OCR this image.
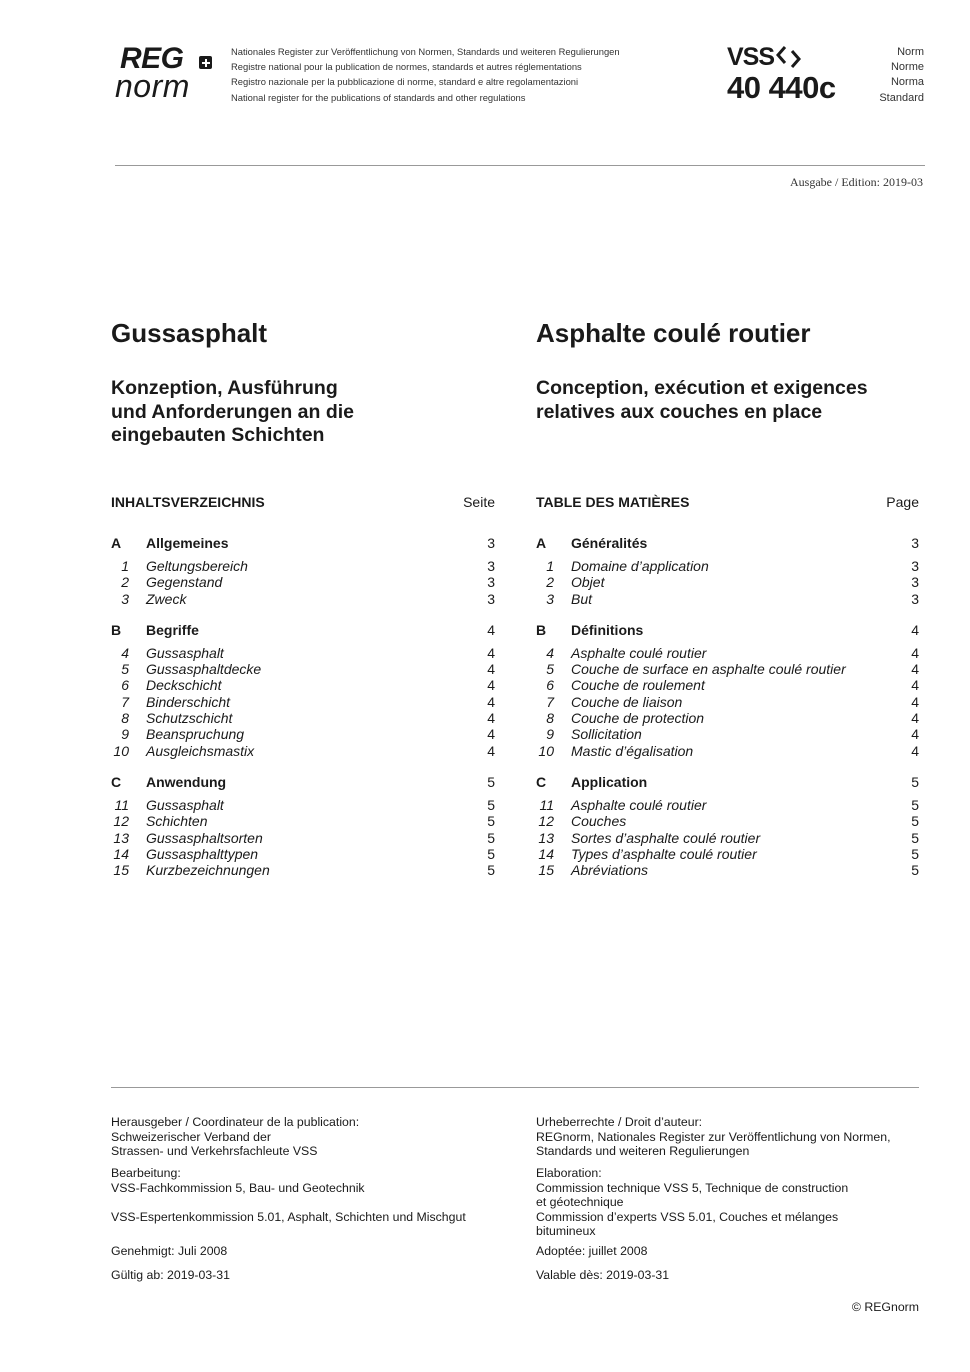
REG
norm
Nationales Register zur Veröffentlichung von Normen, Standards und weiteren Regulierungen
Registre national pour la publication de normes, standards et autres réglementations
Registro nazionale per la pubblicazione di norme, standard e altre regolamentazioni
National register for the publications of standards and other regulations
VSS
40 440c
Norm
Norme
Norma
Standard
Ausgabe / Edition: 2019-03
Gussasphalt
Konzeption, Ausführung
und Anforderungen an die
eingebauten Schichten
Asphalte coulé routier
Conception, exécution et exigences
relatives aux couches en place
INHALTSVERZEICHNIS	Seite
A	Allgemeines	3
1 Geltungsbereich	3
2 Gegenstand	3
3 Zweck	3
B	Begriffe	4
4 Gussasphalt	4
5 Gussasphaltdecke	4
6 Deckschicht	4
7 Binderschicht	4
8 Schutzschicht	4
9 Beanspruchung	4
10 Ausgleichsmastix	4
C	Anwendung	5
11 Gussasphalt	5
12 Schichten	5
13 Gussasphaltsorten	5
14 Gussasphalttypen	5
15 Kurzbezeichnungen	5
TABLE DES MATIÈRES	Page
A	Généralités	3
1 Domaine d’application	3
2 Objet	3
3 But	3
B	Définitions	4
4 Asphalte coulé routier	4
5 Couche de surface en asphalte coulé routier	4
6 Couche de roulement	4
7 Couche de liaison	4
8 Couche de protection	4
9 Sollicitation	4
10 Mastic d’égalisation	4
C	Application	5
11 Asphalte coulé routier	5
12 Couches	5
13 Sortes d’asphalte coulé routier	5
14 Types d’asphalte coulé routier	5
15 Abréviations	5
Herausgeber / Coordinateur de la publication:
Schweizerischer Verband der
Strassen- und Verkehrsfachleute VSS
Bearbeitung:
VSS-Fachkommission 5, Bau- und Geotechnik
VSS-Espertenkommission 5.01, Asphalt, Schichten und Mischgut
Genehmigt: Juli 2008
Gültig ab: 2019-03-31
Urheberrechte / Droit d’auteur:
REGnorm, Nationales Register zur Veröffentlichung von Normen,
Standards und weiteren Regulierungen
Elaboration:
Commission technique VSS 5, Technique de construction
et géotechnique
Commission d’experts VSS 5.01, Couches et mélanges
bitumineux
Adoptée: juillet 2008
Valable dès: 2019-03-31
© REGnorm
